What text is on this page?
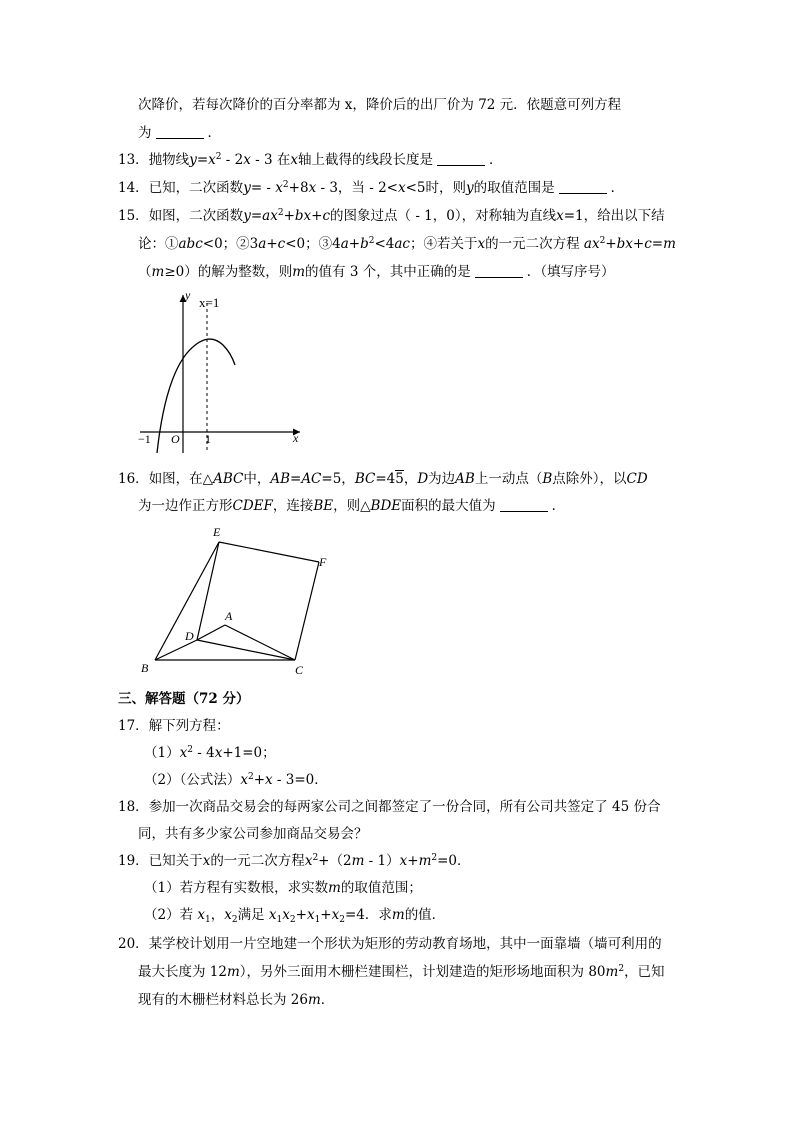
次降价，若每次降价的百分率都为 x，降价后的出厂价为 72 元．依题意可列方程
为	．
13．抛物线$y=x^2 - 2x - 3$ 在x轴上截得的线段长度是	．
14．已知，二次函数$y= - x^2+8x - 3$，当 - 2<x<5时，则y的取值范围是	．
15．如图，二次函数$y=ax^2+bx+c$的图象过点（ - 1，0），对称轴为直线x=1，给出以下结
论：①abc<0；②3a+c<0；$③4a+b^2<4ac$；④若关于x的一元二次方程 $ax^2+bx+c=m$
（m≥0）的解为整数，则m的值有 3 个，其中正确的是	．（填写序号）
y
x
x=1
O
−1	1
16．如图，在△ABC中，AB=AC=5，BC=45，D为边AB上一动点（B点除外），以CD
为一边作正方形CDEF，连接BE，则△BDE面积的最大值为	．
E
F
A
D
B	C
三、解答题（72 分）
17．解下列方程：
$(1)x^2 - 4x+1=0$；
（2）（公式法）$x^2+x - 3=0$．
18．参加一次商品交易会的每两家公司之间都签定了一份合同，所有公司共签定了 45 份合
同，共有多少家公司参加商品交易会？
19．已知关于x的一元二次方程$x^2+(2m - 1)x+m^2=0$．
（1）若方程有实数根，求实数m的取值范围；
（2）若 $x_1$，$x_2$满足 $x_1x_2+x_1+x_2=4$．求m的值．
20．某学校计划用一片空地建一个形状为矩形的劳动教育场地，其中一面靠墙（墙可利用的
最大长度为 12m），另外三面用木栅栏建围栏，计划建造的矩形场地面积为 $80m^2$，已知
现有的木栅栏材料总长为 26m．
